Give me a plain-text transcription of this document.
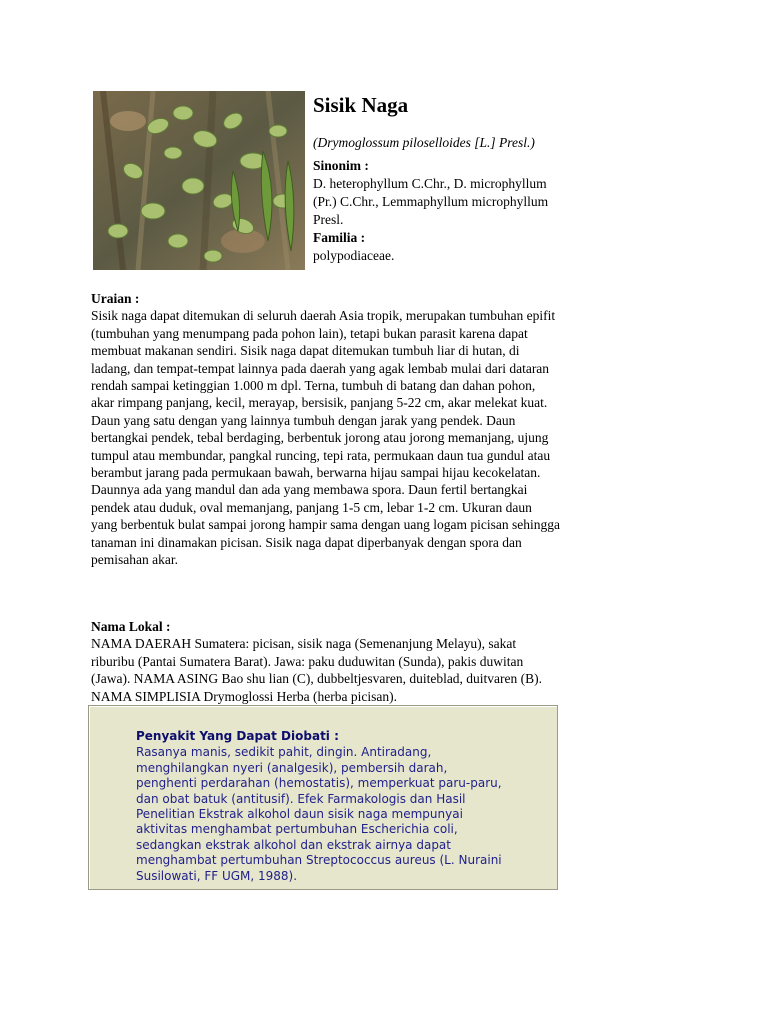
Sisik Naga
(Drymoglossum piloselloides [L.] Presl.)
Sinonim :
D. heterophyllum C.Chr., D. microphyllum (Pr.) C.Chr., Lemmaphyllum microphyllum Presl.
Familia :
polypodiaceae.
Uraian :
Sisik naga dapat ditemukan di seluruh daerah Asia tropik, merupakan tumbuhan epifit (tumbuhan yang menumpang pada pohon lain), tetapi bukan parasit karena dapat membuat makanan sendiri. Sisik naga dapat ditemukan tumbuh liar di hutan, di ladang, dan tempat-tempat lainnya pada daerah yang agak lembab mulai dari dataran rendah sampai ketinggian 1.000 m dpl. Terna, tumbuh di batang dan dahan pohon, akar rimpang panjang, kecil, merayap, bersisik, panjang 5-22 cm, akar melekat kuat. Daun yang satu dengan yang lainnya tumbuh dengan jarak yang pendek. Daun bertangkai pendek, tebal berdaging, berbentuk jorong atau jorong memanjang, ujung tumpul atau membundar, pangkal runcing, tepi rata, permukaan daun tua gundul atau berambut jarang pada permukaan bawah, berwarna hijau sampai hijau kecokelatan. Daunnya ada yang mandul dan ada yang membawa spora. Daun fertil bertangkai pendek atau duduk, oval memanjang, panjang 1-5 cm, lebar 1-2 cm. Ukuran daun yang berbentuk bulat sampai jorong hampir sama dengan uang logam picisan sehingga tanaman ini dinamakan picisan. Sisik naga dapat diperbanyak dengan spora dan pemisahan akar.
Nama Lokal :
NAMA DAERAH Sumatera: picisan, sisik naga (Semenanjung Melayu), sakat riburibu (Pantai Sumatera Barat). Jawa: paku duduwitan (Sunda), pakis duwitan (Jawa). NAMA ASING Bao shu lian (C), dubbeltjesvaren, duiteblad, duitvaren (B). NAMA SIMPLISIA Drymoglossi Herba (herba picisan).
Penyakit Yang Dapat Diobati :
Rasanya manis, sedikit pahit, dingin. Antiradang, menghilangkan nyeri (analgesik), pembersih darah, penghenti perdarahan (hemostatis), memperkuat paru-paru, dan obat batuk (antitusif). Efek Farmakologis dan Hasil Penelitian Ekstrak alkohol daun sisik naga mempunyai aktivitas menghambat pertumbuhan Escherichia coli, sedangkan ekstrak alkohol dan ekstrak airnya dapat menghambat pertumbuhan Streptococcus aureus (L. Nuraini Susilowati, FF UGM, 1988).
